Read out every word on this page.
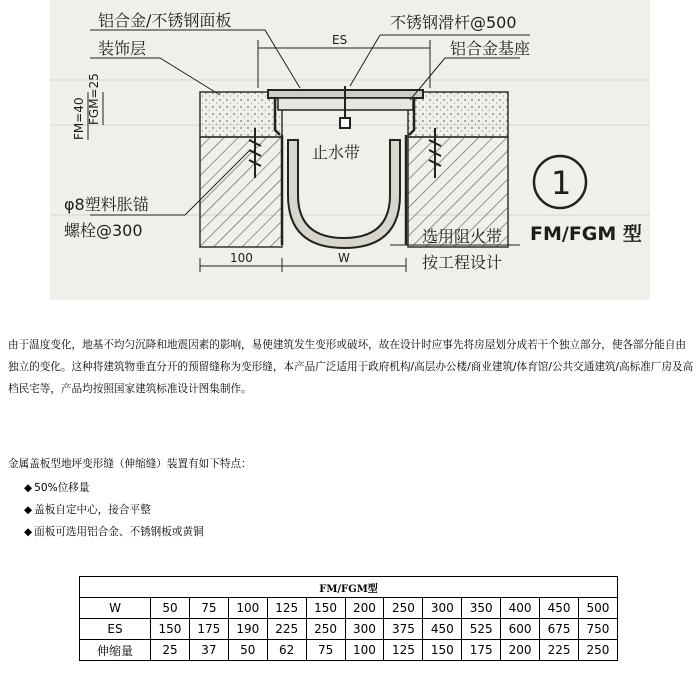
ES
FM=40 FGM=25
100	W
铝合金/不锈钢面板
装饰层
不锈钢滑杆@500
铝合金基座
止水带
φ8塑料胀锚
螺栓@300	选用阻火带
按工程设计
1
FM/FGM 型

由于温度变化，地基不均匀沉降和地震因素的影响，易使建筑发生变形或破坏，故在设计时应事先将房屋划分成若干个独立部分，使各部分能自由独立的变化。这种将建筑物垂直分开的预留缝称为变形缝，本产品广泛适用于政府机构/高层办公楼/商业建筑/体育馆/公共交通建筑/高标准厂房及高档民宅等，产品均按照国家建筑标准设计图集制作。

金属盖板型地坪变形缝（伸缩缝）装置有如下特点：

◆ 50%位移量

◆ 盖板自定中心，接合平整

◆ 面板可选用铝合金、不锈钢板或黄铜

FM/FGM型												
W	50	75	100	125	150	200	250	300	350	400	450	500
ES	150	175	190	225	250	300	375	450	525	600	675	750
伸缩量	25	37	50	62	75	100	125	150	175	200	225	250
